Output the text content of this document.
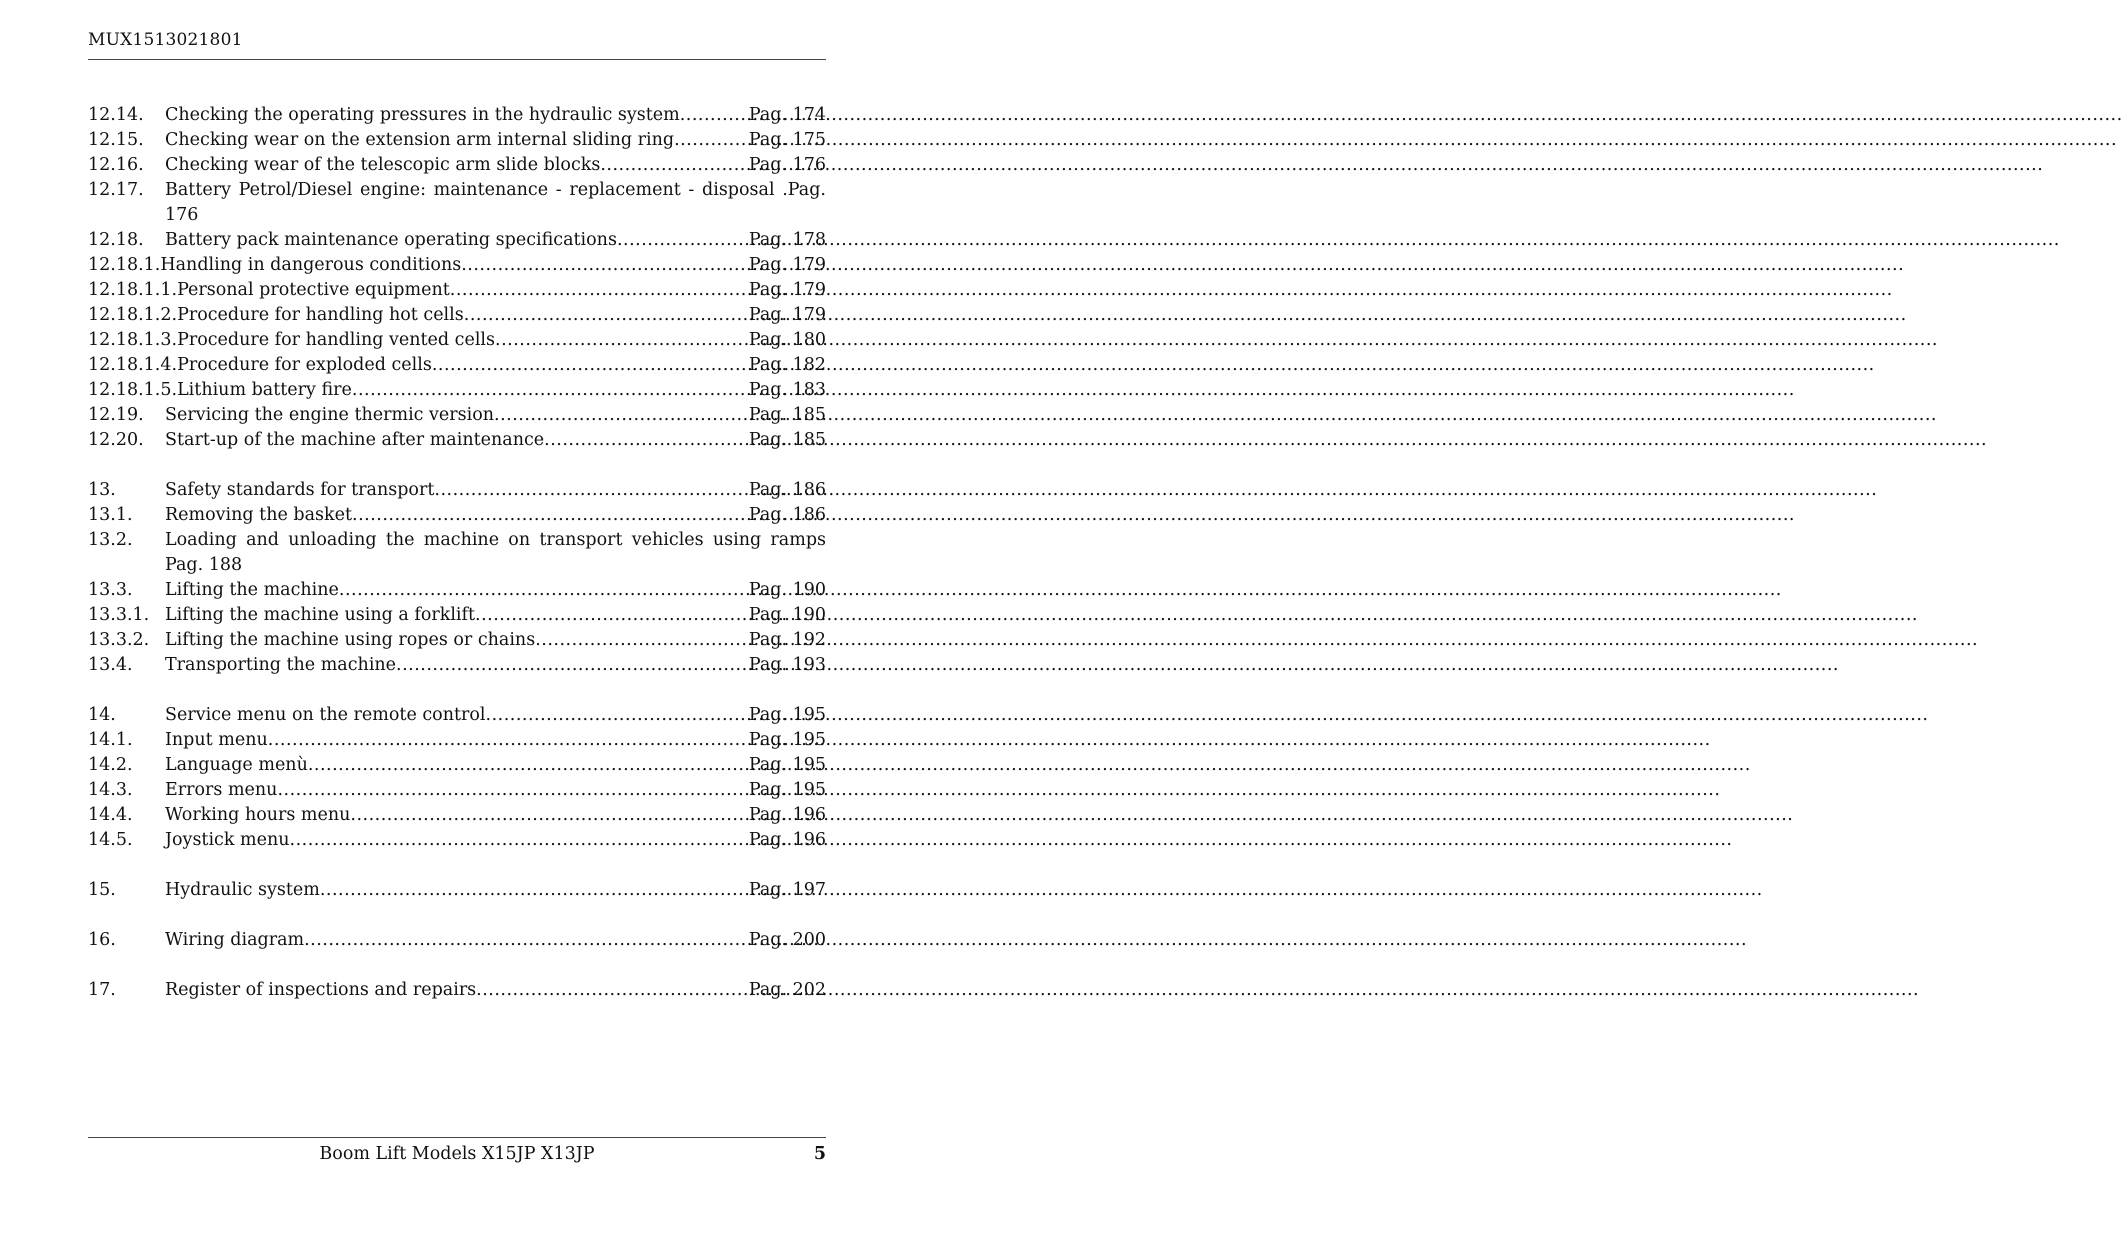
MUX1513021801
12.14.	Checking the operating pressures in the hydraulic system .....	Pag. 174
12.15.	Checking wear on the extension arm internal sliding ring .....	Pag. 175
12.16.	Checking wear of the telescopic arm slide blocks .....	Pag. 176
12.17.	Battery Petrol/Diesel engine: maintenance - replacement - disposal .Pag. 176
12.18.	Battery pack maintenance operating specifications .....	Pag. 178
12.18.1. Handling in dangerous conditions .....	Pag. 179
12.18.1.1. Personal protective equipment .....	Pag. 179
12.18.1.2. Procedure for handling hot cells .....	Pag. 179
12.18.1.3. Procedure for handling vented cells .....	Pag. 180
12.18.1.4. Procedure for exploded cells .....	Pag. 182
12.18.1.5. Lithium battery fire .....	Pag. 183
12.19.	Servicing the engine thermic version .....	Pag. 185
12.20.	Start-up of the machine after maintenance .....	Pag. 185
13.	Safety standards for transport .....	Pag. 186
13.1.	Removing the basket .....	Pag. 186
13.2.	Loading and unloading the machine on transport vehicles using ramps Pag. 188
13.3.	Lifting the machine .....	Pag. 190
13.3.1. Lifting the machine using a forklift .....	Pag. 190
13.3.2. Lifting the machine using ropes or chains .....	Pag. 192
13.4.	Transporting the machine .....	Pag. 193
14.	Service menu on the remote control .....	Pag. 195
14.1.	Input menu .....	Pag. 195
14.2.	Language menù .....	Pag. 195
14.3.	Errors menu .....	Pag. 195
14.4.	Working hours menu .....	Pag. 196
14.5.	Joystick menu .....	Pag. 196
15.	Hydraulic system .....	Pag. 197
16.	Wiring diagram .....	Pag. 200
17.	Register of inspections and repairs .....	Pag. 202
Boom Lift Models X15JP X13JP	5
